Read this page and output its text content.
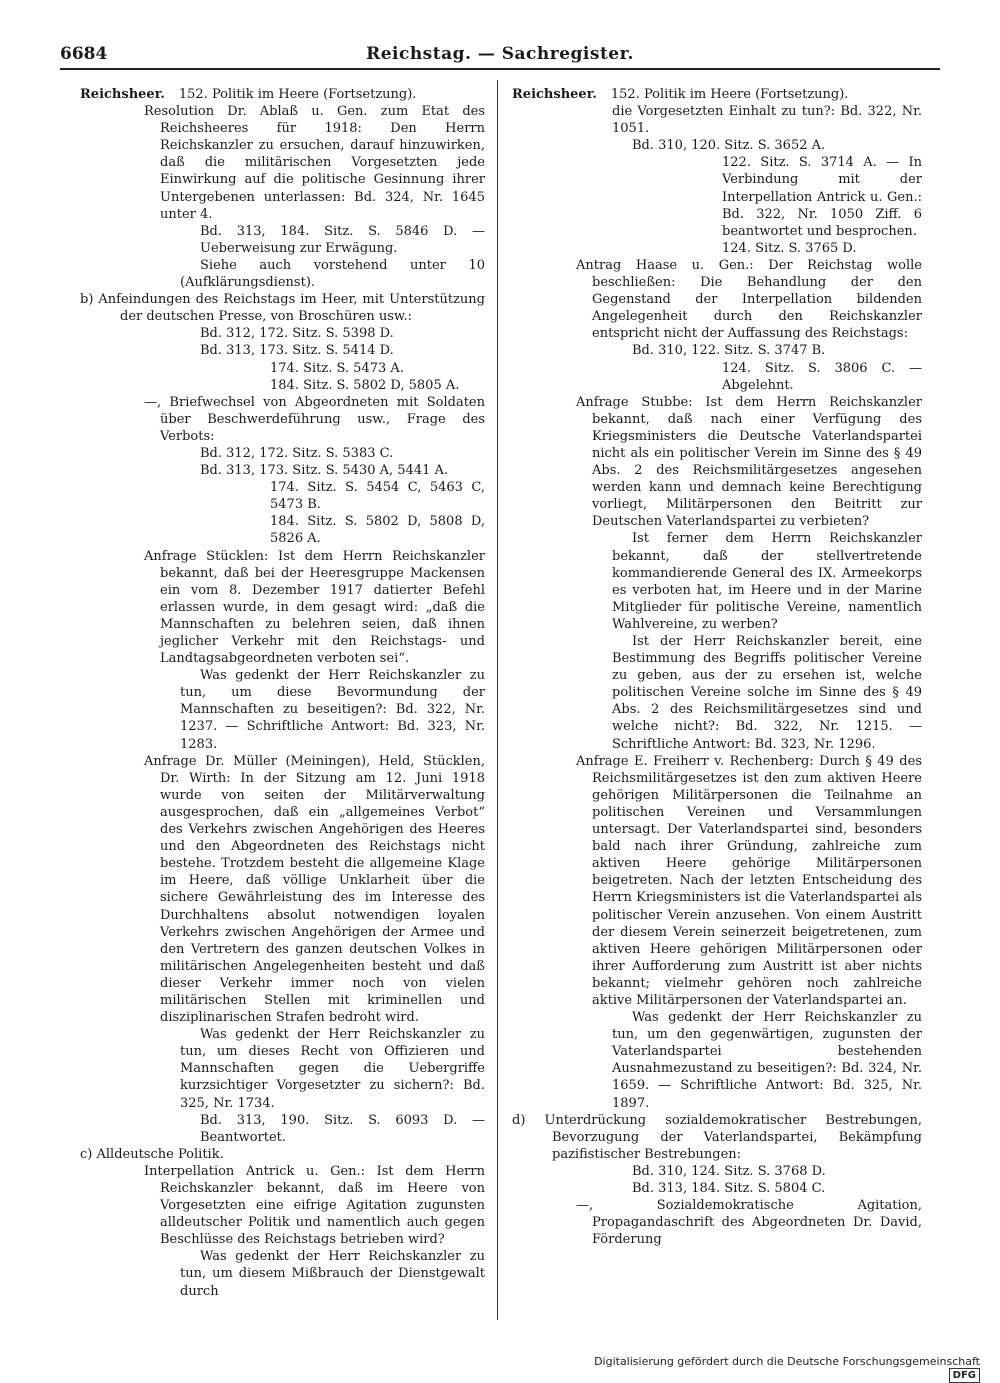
6684	Reichstag. — Sachregister.

Reichsheer. 152. Politik im Heere (Fortsetzung).

Resolution Dr. Ablaß u. Gen. zum Etat des Reichsheeres für 1918: Den Herrn Reichskanzler zu ersuchen, darauf hinzuwirken, daß die militärischen Vorgesetzten jede Einwirkung auf die politische Gesinnung ihrer Untergebenen unterlassen: Bd. 324, Nr. 1645 unter 4.

Bd. 313, 184. Sitz. S. 5846 D. — Ueberweisung zur Erwägung.

Siehe auch vorstehend unter 10 (Aufklärungsdienst).

b) Anfeindungen des Reichstags im Heer, mit Unterstützung der deutschen Presse, von Broschüren usw.:

Bd. 312, 172. Sitz. S. 5398 D.

Bd. 313, 173. Sitz. S. 5414 D.

174. Sitz. S. 5473 A.

184. Sitz. S. 5802 D, 5805 A.

—, Briefwechsel von Abgeordneten mit Soldaten über Beschwerdeführung usw., Frage des Verbots:

Bd. 312, 172. Sitz. S. 5383 C.

Bd. 313, 173. Sitz. S. 5430 A, 5441 A.

174. Sitz. S. 5454 C, 5463 C, 5473 B.

184. Sitz. S. 5802 D, 5808 D, 5826 A.

Anfrage Stücklen: Ist dem Herrn Reichskanzler bekannt, daß bei der Heeresgruppe Mackensen ein vom 8. Dezember 1917 datierter Befehl erlassen wurde, in dem gesagt wird: „daß die Mannschaften zu belehren seien, daß ihnen jeglicher Verkehr mit den Reichstags- und Landtagsabgeordneten verboten sei“.

Was gedenkt der Herr Reichskanzler zu tun, um diese Bevormundung der Mannschaften zu beseitigen?: Bd. 322, Nr. 1237. — Schriftliche Antwort: Bd. 323, Nr. 1283.

Anfrage Dr. Müller (Meiningen), Held, Stücklen, Dr. Wirth: In der Sitzung am 12. Juni 1918 wurde von seiten der Militärverwaltung ausgesprochen, daß ein „allgemeines Verbot“ des Verkehrs zwischen Angehörigen des Heeres und den Abgeordneten des Reichstags nicht bestehe. Trotzdem besteht die allgemeine Klage im Heere, daß völlige Unklarheit über die sichere Gewährleistung des im Interesse des Durchhaltens absolut notwendigen loyalen Verkehrs zwischen Angehörigen der Armee und den Vertretern des ganzen deutschen Volkes in militärischen Angelegenheiten besteht und daß dieser Verkehr immer noch von vielen militärischen Stellen mit kriminellen und disziplinarischen Strafen bedroht wird.

Was gedenkt der Herr Reichskanzler zu tun, um dieses Recht von Offizieren und Mannschaften gegen die Uebergriffe kurzsichtiger Vorgesetzter zu sichern?: Bd. 325, Nr. 1734.

Bd. 313, 190. Sitz. S. 6093 D. — Beantwortet.

c) Alldeutsche Politik.

Interpellation Antrick u. Gen.: Ist dem Herrn Reichskanzler bekannt, daß im Heere von Vorgesetzten eine eifrige Agitation zugunsten alldeutscher Politik und namentlich auch gegen Beschlüsse des Reichstags betrieben wird?

Was gedenkt der Herr Reichskanzler zu tun, um diesem Mißbrauch der Dienstgewalt durch

Reichsheer. 152. Politik im Heere (Fortsetzung).

die Vorgesetzten Einhalt zu tun?: Bd. 322, Nr. 1051.

Bd. 310, 120. Sitz. S. 3652 A.

122. Sitz. S. 3714 A. — In Verbindung mit der Interpellation Antrick u. Gen.: Bd. 322, Nr. 1050 Ziff. 6 beantwortet und besprochen.

124. Sitz. S. 3765 D.

Antrag Haase u. Gen.: Der Reichstag wolle beschließen: Die Behandlung der den Gegenstand der Interpellation bildenden Angelegenheit durch den Reichskanzler entspricht nicht der Auffassung des Reichstags:

Bd. 310, 122. Sitz. S. 3747 B.

124. Sitz. S. 3806 C. — Abgelehnt.

Anfrage Stubbe: Ist dem Herrn Reichskanzler bekannt, daß nach einer Verfügung des Kriegsministers die Deutsche Vaterlandspartei nicht als ein politischer Verein im Sinne des § 49 Abs. 2 des Reichsmilitärgesetzes angesehen werden kann und demnach keine Berechtigung vorliegt, Militärpersonen den Beitritt zur Deutschen Vaterlandspartei zu verbieten?

Ist ferner dem Herrn Reichskanzler bekannt, daß der stellvertretende kommandierende General des IX. Armeekorps es verboten hat, im Heere und in der Marine Mitglieder für politische Vereine, namentlich Wahlvereine, zu werben?

Ist der Herr Reichskanzler bereit, eine Bestimmung des Begriffs politischer Vereine zu geben, aus der zu ersehen ist, welche politischen Vereine solche im Sinne des § 49 Abs. 2 des Reichsmilitärgesetzes sind und welche nicht?: Bd. 322, Nr. 1215. — Schriftliche Antwort: Bd. 323, Nr. 1296.

Anfrage E. Freiherr v. Rechenberg: Durch § 49 des Reichsmilitärgesetzes ist den zum aktiven Heere gehörigen Militärpersonen die Teilnahme an politischen Vereinen und Versammlungen untersagt. Der Vaterlandspartei sind, besonders bald nach ihrer Gründung, zahlreiche zum aktiven Heere gehörige Militärpersonen beigetreten. Nach der letzten Entscheidung des Herrn Kriegsministers ist die Vaterlandspartei als politischer Verein anzusehen. Von einem Austritt der diesem Verein seinerzeit beigetretenen, zum aktiven Heere gehörigen Militärpersonen oder ihrer Aufforderung zum Austritt ist aber nichts bekannt; vielmehr gehören noch zahlreiche aktive Militärpersonen der Vaterlandspartei an.

Was gedenkt der Herr Reichskanzler zu tun, um den gegenwärtigen, zugunsten der Vaterlandspartei bestehenden Ausnahmezustand zu beseitigen?: Bd. 324, Nr. 1659. — Schriftliche Antwort: Bd. 325, Nr. 1897.

d) Unterdrückung sozialdemokratischer Bestrebungen, Bevorzugung der Vaterlandspartei, Bekämpfung pazifistischer Bestrebungen:

Bd. 310, 124. Sitz. S. 3768 D.

Bd. 313, 184. Sitz. S. 5804 C.

—, Sozialdemokratische Agitation, Propagandaschrift des Abgeordneten Dr. David, Förderung

Digitalisierung gefördert durch die Deutsche Forschungsgemeinschaft DFG
